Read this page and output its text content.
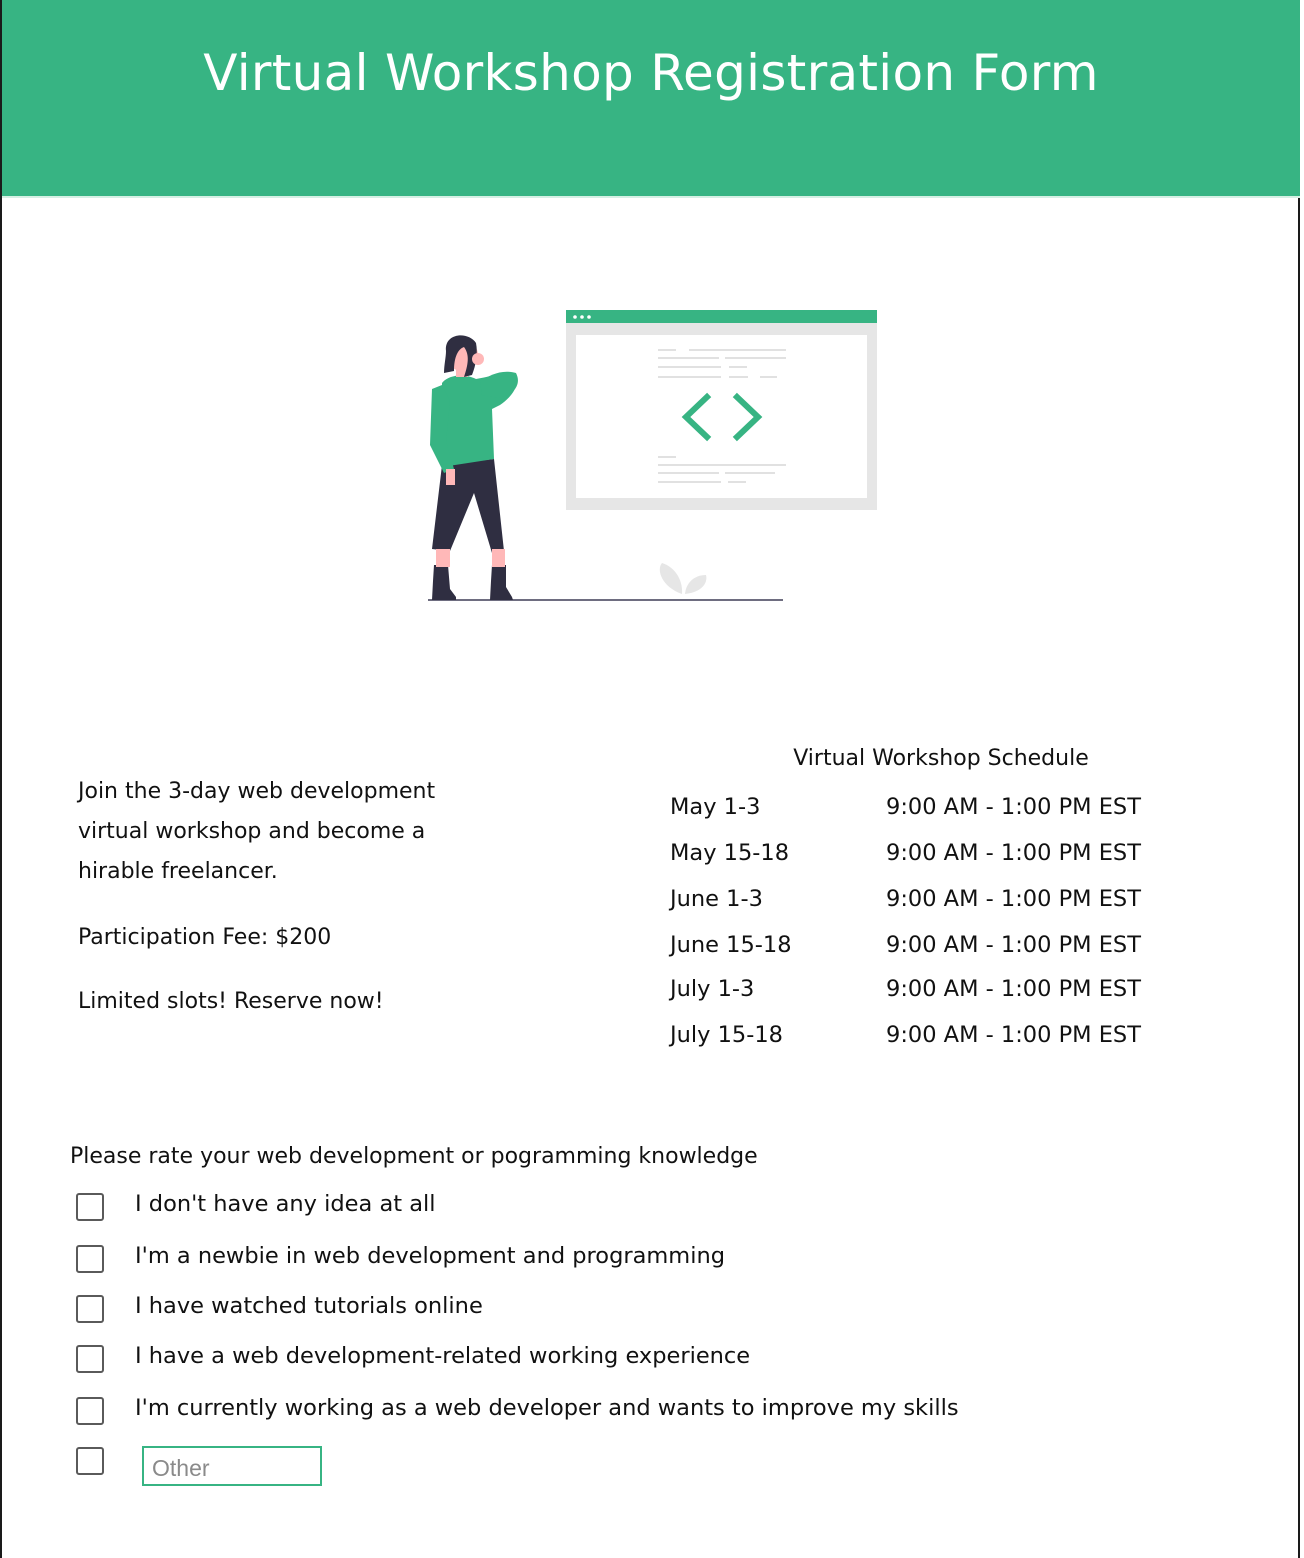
Virtual Workshop Registration Form

Join the 3-day web development virtual workshop and become a hirable freelancer.

Participation Fee: $200

Limited slots! Reserve now!

Virtual Workshop Schedule
May 1-3	9:00 AM - 1:00 PM EST
May 15-18	9:00 AM - 1:00 PM EST
June 1-3	9:00 AM - 1:00 PM EST
June 15-18	9:00 AM - 1:00 PM EST
July 1-3	9:00 AM - 1:00 PM EST
July 15-18	9:00 AM - 1:00 PM EST
Please rate your web development or pogramming knowledge
I don't have any idea at all
I'm a newbie in web development and programming
I have watched tutorials online
I have a web development-related working experience
I'm currently working as a web developer and wants to improve my skills
Other
